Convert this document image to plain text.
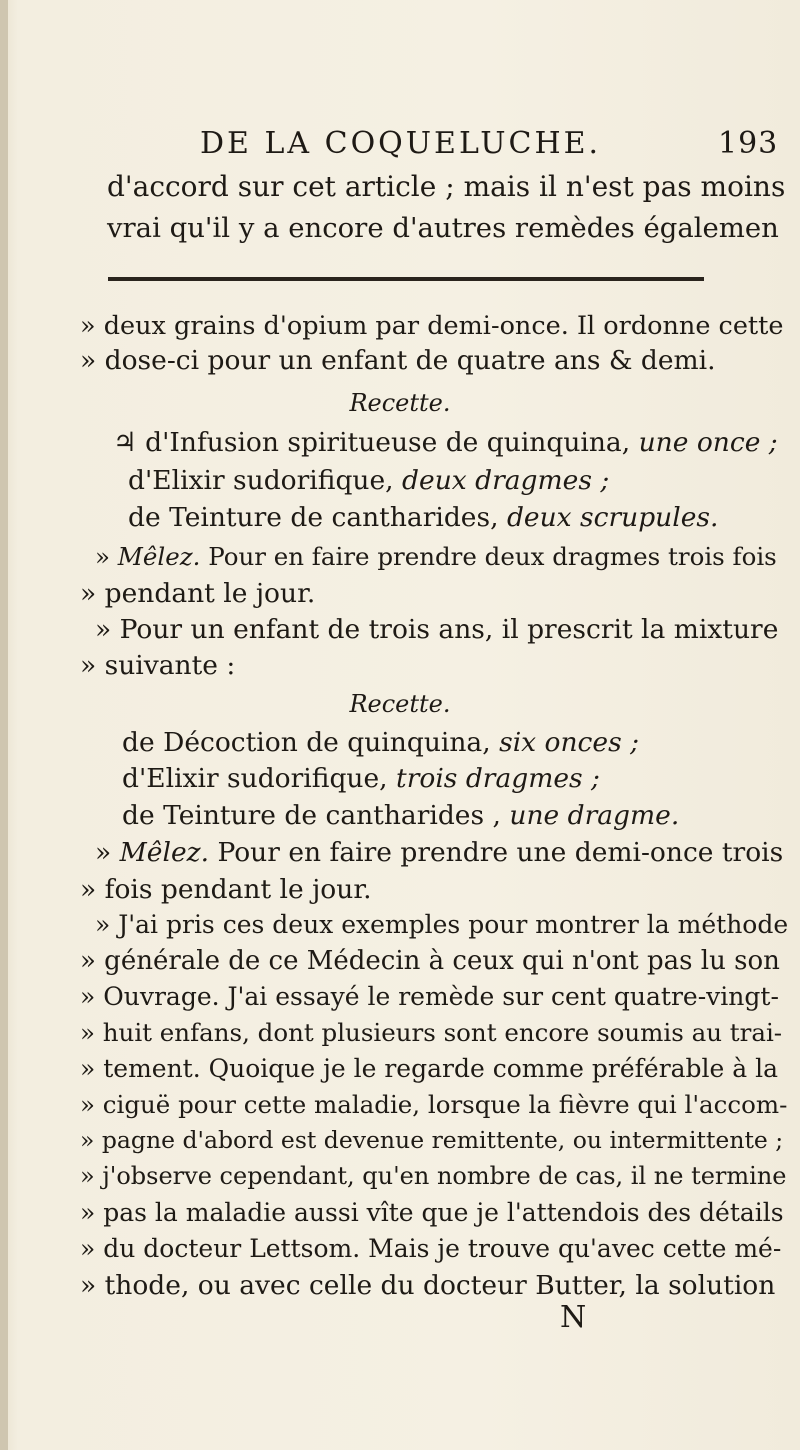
DE LA COQUELUCHE.	193
d'accord sur cet article ; mais il n'est pas moins
vrai qu'il y a encore d'autres remèdes égalemen
» deux grains d'opium par demi-once. Il ordonne cette
» dose-ci pour un enfant de quatre ans & demi.
Recette.
♃ d'Infusion spiritueuse de quinquina, une once ;
d'Elixir sudorifique, deux dragmes ;
de Teinture de cantharides, deux scrupules.
» Mêlez. Pour en faire prendre deux dragmes trois fois
» pendant le jour.
» Pour un enfant de trois ans, il prescrit la mixture
» suivante :
Recette.
de Décoction de quinquina, six onces ;
d'Elixir sudorifique, trois dragmes ;
de Teinture de cantharides , une dragme.
» Mêlez. Pour en faire prendre une demi-once trois
» fois pendant le jour.
» J'ai pris ces deux exemples pour montrer la méthode
» générale de ce Médecin à ceux qui n'ont pas lu son
» Ouvrage. J'ai essayé le remède sur cent quatre-vingt-
» huit enfans, dont plusieurs sont encore soumis au trai-
» tement. Quoique je le regarde comme préférable à la
» ciguë pour cette maladie, lorsque la fièvre qui l'accom-
» pagne d'abord est devenue remittente, ou intermittente ;
» j'observe cependant, qu'en nombre de cas, il ne termine
» pas la maladie aussi vîte que je l'attendois des détails
» du docteur Lettsom. Mais je trouve qu'avec cette mé-
» thode, ou avec celle du docteur Butter, la solution
N
